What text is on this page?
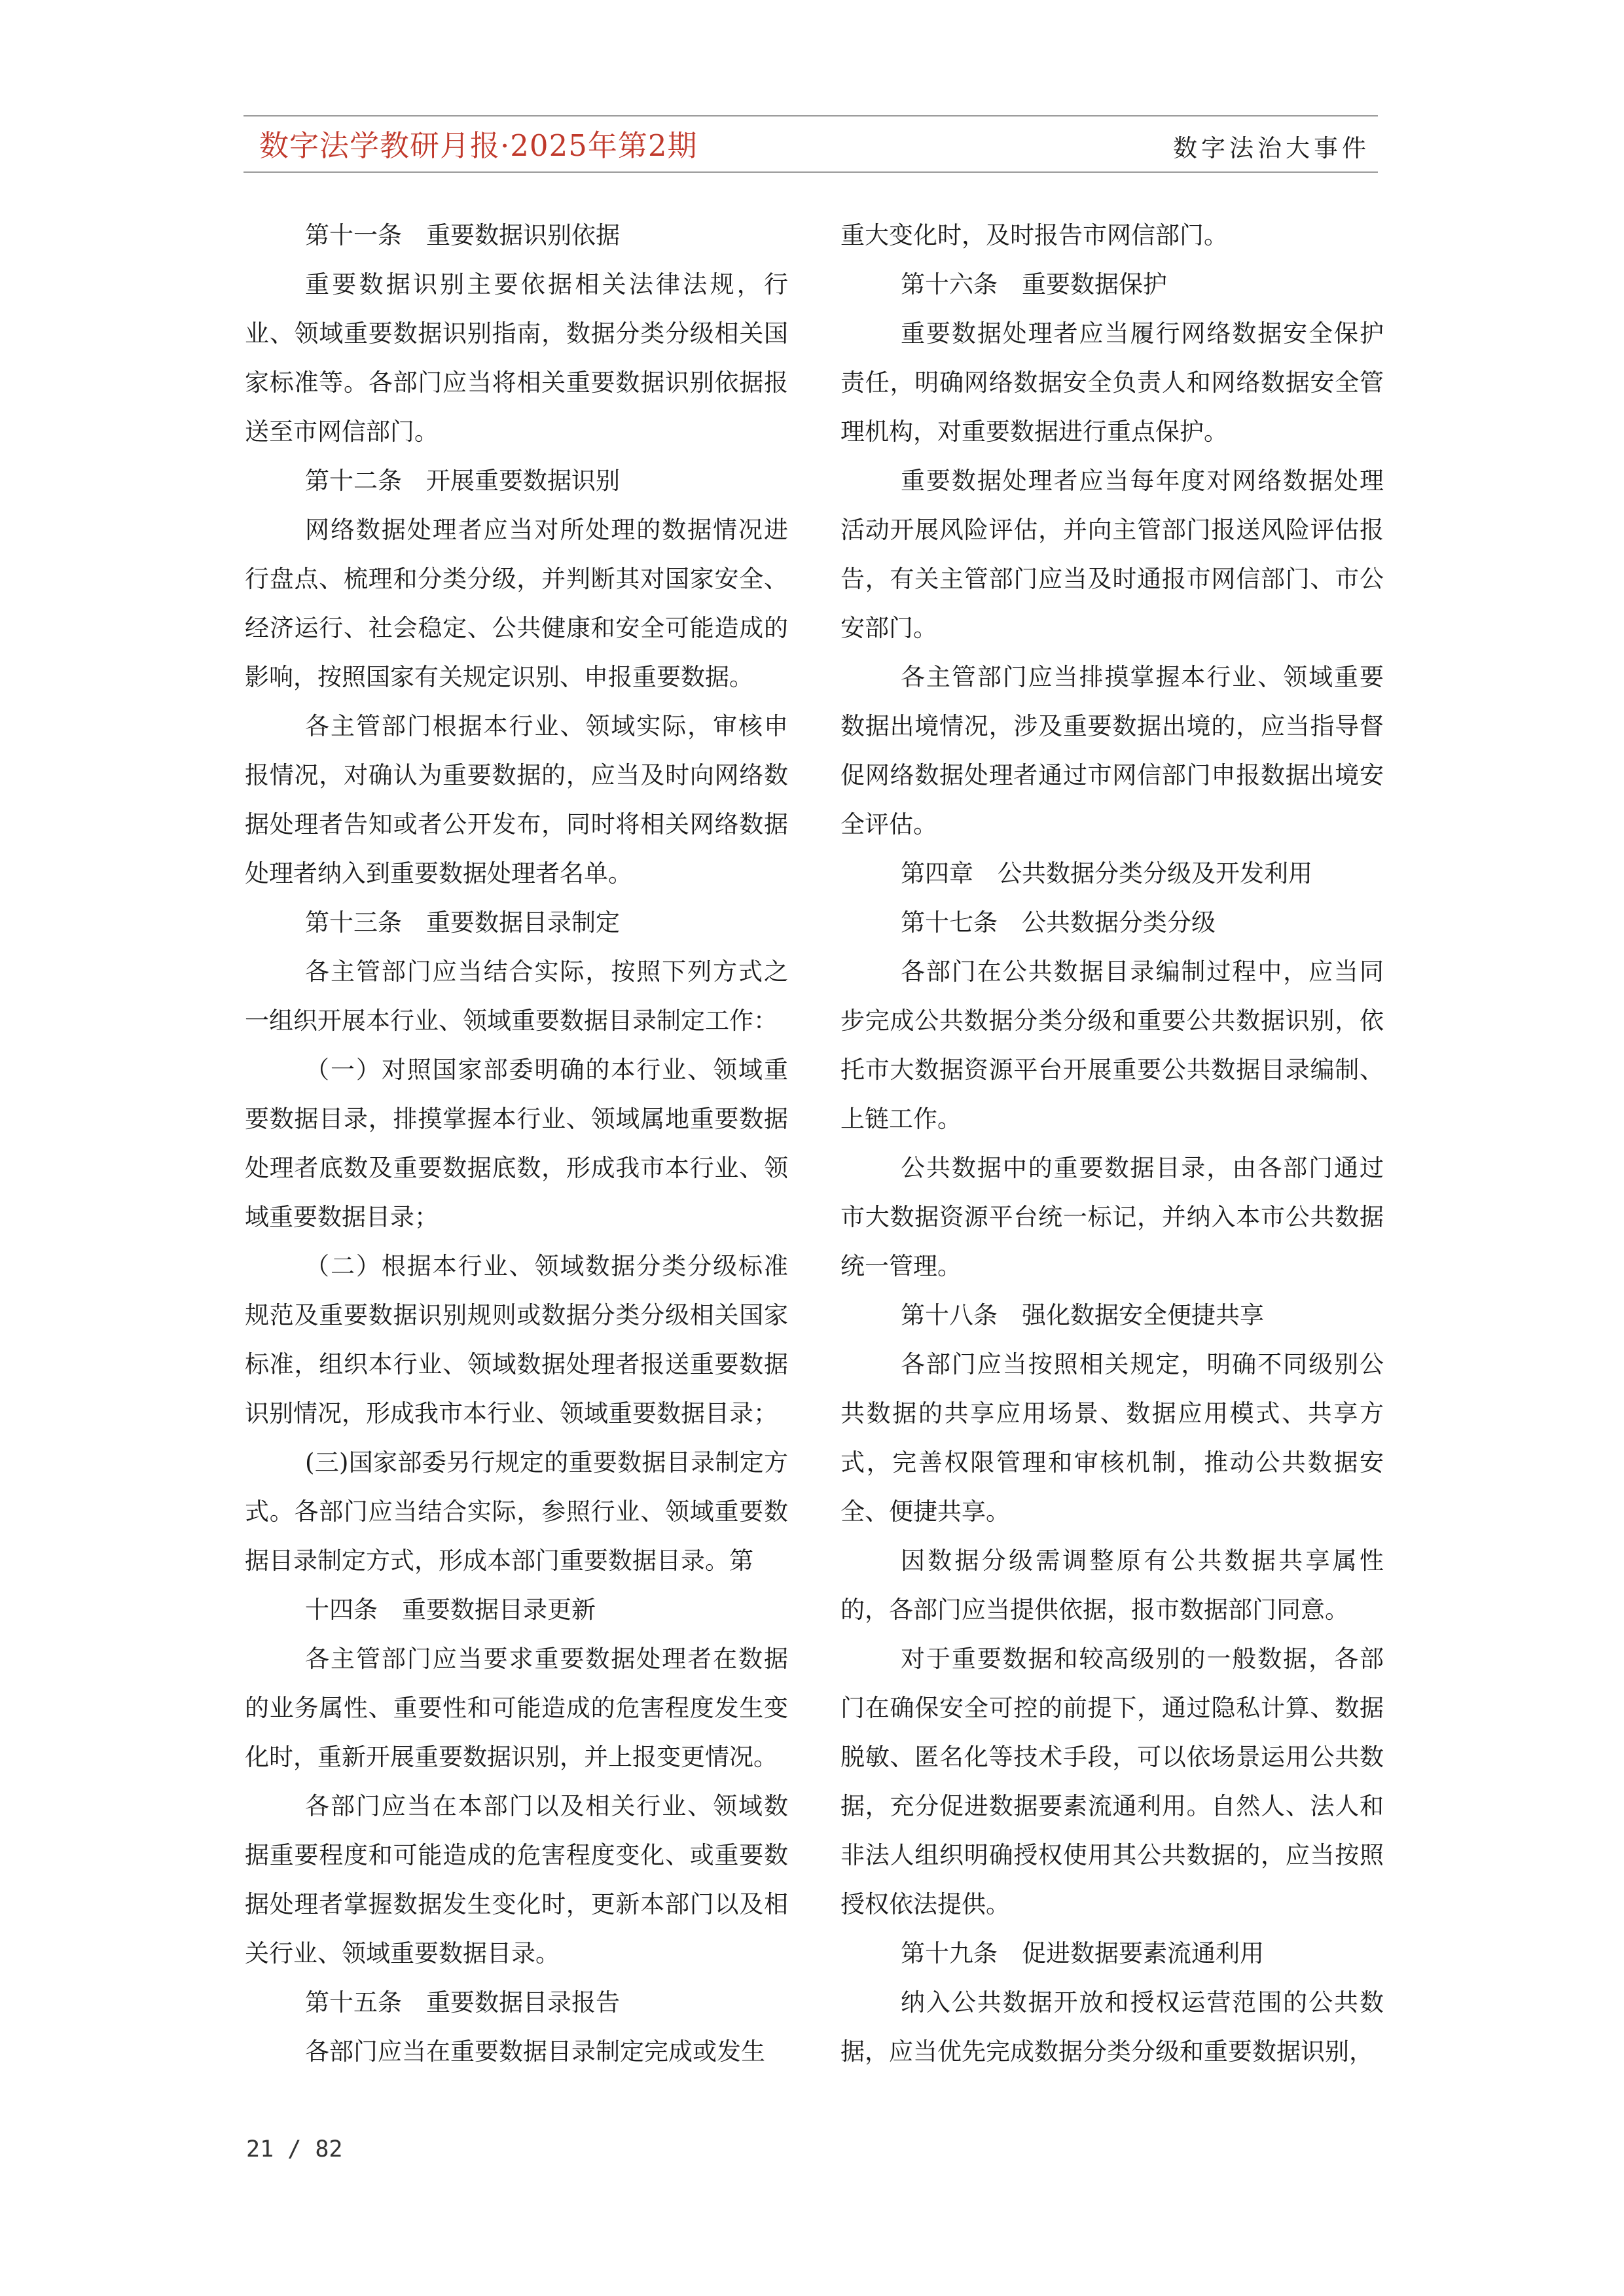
数字法学教研月报·2025年第2期	数字法治大事件

第十一条　重要数据识别依据

重要数据识别主要依据相关法律法规，行业、领域重要数据识别指南，数据分类分级相关国家标准等。各部门应当将相关重要数据识别依据报送至市网信部门。

第十二条　开展重要数据识别

网络数据处理者应当对所处理的数据情况进行盘点、梳理和分类分级，并判断其对国家安全、经济运行、社会稳定、公共健康和安全可能造成的影响，按照国家有关规定识别、申报重要数据。

各主管部门根据本行业、领域实际，审核申报情况，对确认为重要数据的，应当及时向网络数据处理者告知或者公开发布，同时将相关网络数据处理者纳入到重要数据处理者名单。

第十三条　重要数据目录制定

各主管部门应当结合实际，按照下列方式之一组织开展本行业、领域重要数据目录制定工作：

（一）对照国家部委明确的本行业、领域重要数据目录，排摸掌握本行业、领域属地重要数据处理者底数及重要数据底数，形成我市本行业、领域重要数据目录；

（二）根据本行业、领域数据分类分级标准规范及重要数据识别规则或数据分类分级相关国家标准，组织本行业、领域数据处理者报送重要数据识别情况，形成我市本行业、领域重要数据目录；

(三)国家部委另行规定的重要数据目录制定方式。各部门应当结合实际，参照行业、领域重要数据目录制定方式，形成本部门重要数据目录。第

十四条　重要数据目录更新

各主管部门应当要求重要数据处理者在数据的业务属性、重要性和可能造成的危害程度发生变化时，重新开展重要数据识别，并上报变更情况。

各部门应当在本部门以及相关行业、领域数据重要程度和可能造成的危害程度变化、或重要数据处理者掌握数据发生变化时，更新本部门以及相关行业、领域重要数据目录。

第十五条　重要数据目录报告

各部门应当在重要数据目录制定完成或发生

重大变化时，及时报告市网信部门。

第十六条　重要数据保护

重要数据处理者应当履行网络数据安全保护责任，明确网络数据安全负责人和网络数据安全管理机构，对重要数据进行重点保护。

重要数据处理者应当每年度对网络数据处理活动开展风险评估，并向主管部门报送风险评估报告，有关主管部门应当及时通报市网信部门、市公安部门。

各主管部门应当排摸掌握本行业、领域重要数据出境情况，涉及重要数据出境的，应当指导督促网络数据处理者通过市网信部门申报数据出境安全评估。

第四章　公共数据分类分级及开发利用

第十七条　公共数据分类分级

各部门在公共数据目录编制过程中，应当同步完成公共数据分类分级和重要公共数据识别，依托市大数据资源平台开展重要公共数据目录编制、上链工作。

公共数据中的重要数据目录，由各部门通过市大数据资源平台统一标记，并纳入本市公共数据统一管理。

第十八条　强化数据安全便捷共享

各部门应当按照相关规定，明确不同级别公共数据的共享应用场景、数据应用模式、共享方式，完善权限管理和审核机制，推动公共数据安全、便捷共享。

因数据分级需调整原有公共数据共享属性的，各部门应当提供依据，报市数据部门同意。

对于重要数据和较高级别的一般数据，各部门在确保安全可控的前提下，通过隐私计算、数据脱敏、匿名化等技术手段，可以依场景运用公共数据，充分促进数据要素流通利用。自然人、法人和非法人组织明确授权使用其公共数据的，应当按照授权依法提供。

第十九条　促进数据要素流通利用

纳入公共数据开放和授权运营范围的公共数据，应当优先完成数据分类分级和重要数据识别，

21 / 82
